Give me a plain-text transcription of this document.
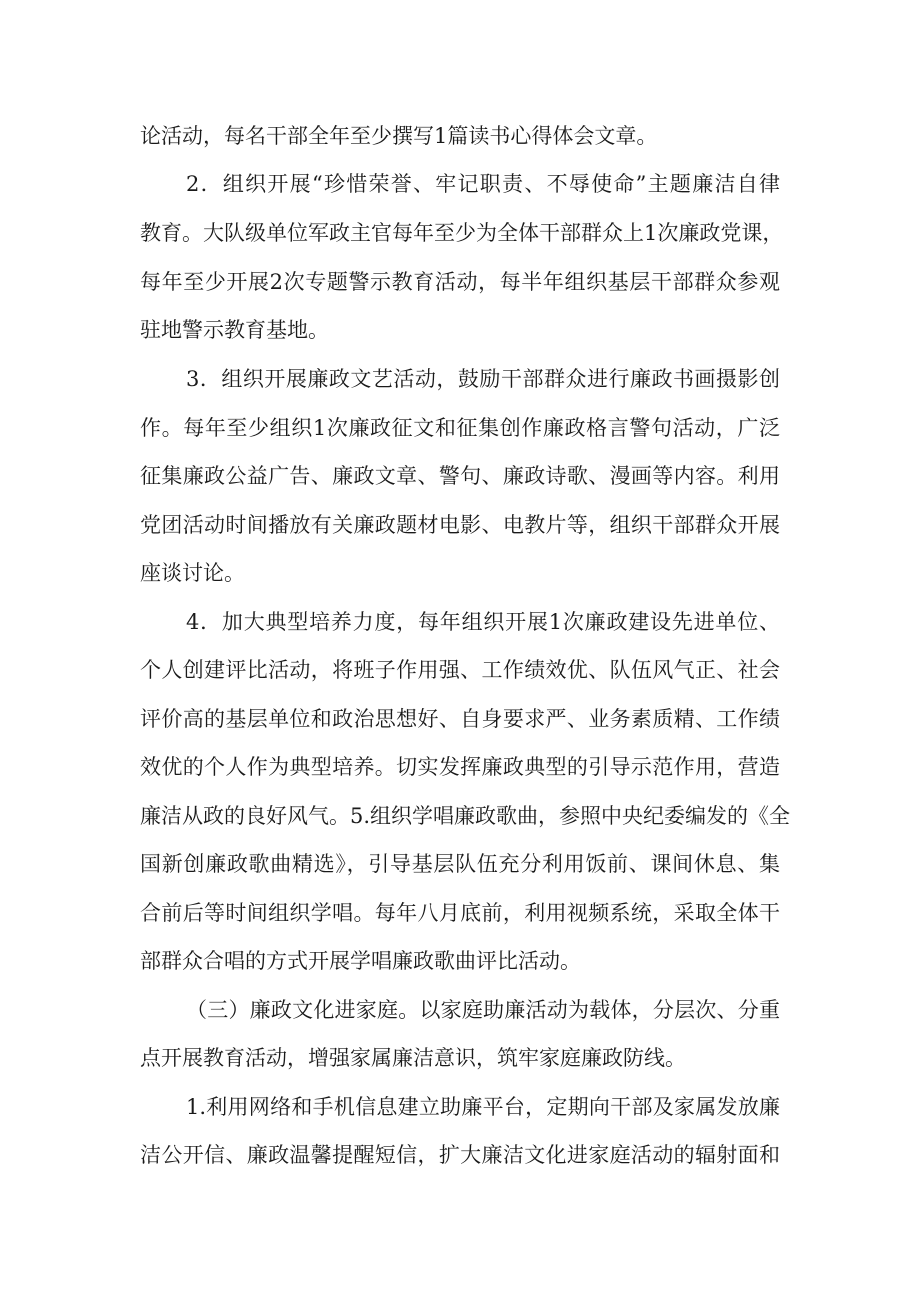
论活动，每名干部全年至少撰写1篇读书心得体会文章。
2．组织开展“珍惜荣誉、牢记职责、不辱使命”主题廉洁自律
教育。大队级单位军政主官每年至少为全体干部群众上1次廉政党课，
每年至少开展2次专题警示教育活动，每半年组织基层干部群众参观
驻地警示教育基地。
3．组织开展廉政文艺活动，鼓励干部群众进行廉政书画摄影创
作。每年至少组织1次廉政征文和征集创作廉政格言警句活动，广泛
征集廉政公益广告、廉政文章、警句、廉政诗歌、漫画等内容。利用
党团活动时间播放有关廉政题材电影、电教片等，组织干部群众开展
座谈讨论。
4．加大典型培养力度，每年组织开展1次廉政建设先进单位、
个人创建评比活动，将班子作用强、工作绩效优、队伍风气正、社会
评价高的基层单位和政治思想好、自身要求严、业务素质精、工作绩
效优的个人作为典型培养。切实发挥廉政典型的引导示范作用，营造
廉洁从政的良好风气。5.组织学唱廉政歌曲，参照中央纪委编发的《全
国新创廉政歌曲精选》，引导基层队伍充分利用饭前、课间休息、集
合前后等时间组织学唱。每年八月底前，利用视频系统，采取全体干
部群众合唱的方式开展学唱廉政歌曲评比活动。
（三）廉政文化进家庭。以家庭助廉活动为载体，分层次、分重
点开展教育活动，增强家属廉洁意识，筑牢家庭廉政防线。
1.利用网络和手机信息建立助廉平台，定期向干部及家属发放廉
洁公开信、廉政温馨提醒短信，扩大廉洁文化进家庭活动的辐射面和
